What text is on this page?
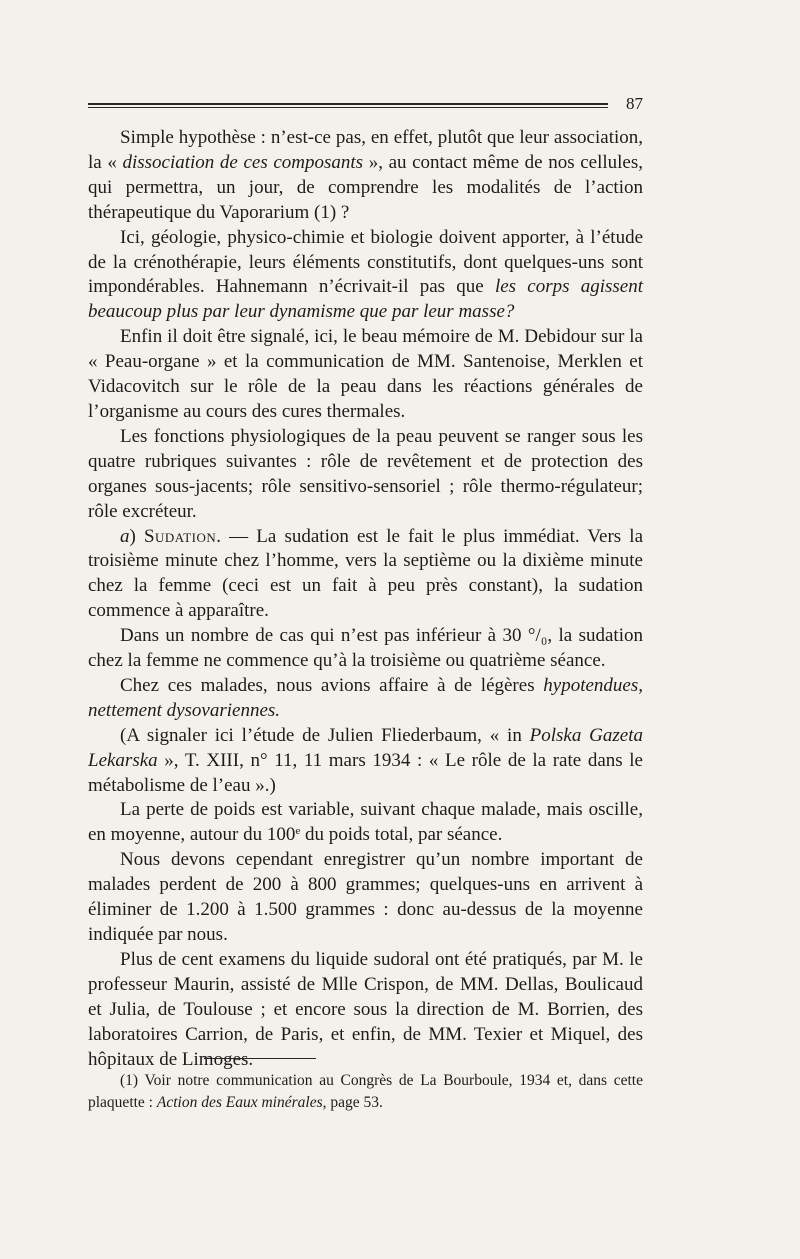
87

Simple hypothèse : n’est-ce pas, en effet, plutôt que leur association, la « dissociation de ces composants », au contact même de nos cellules, qui permettra, un jour, de comprendre les modalités de l’action thérapeutique du Vaporarium (1) ?

Ici, géologie, physico-chimie et biologie doivent apporter, à l’étude de la crénothérapie, leurs éléments constitutifs, dont quelques-uns sont impondérables. Hahnemann n’écrivait-il pas que les corps agissent beaucoup plus par leur dynamisme que par leur masse?

Enfin il doit être signalé, ici, le beau mémoire de M. Debidour sur la « Peau-organe » et la communication de MM. Santenoise, Merklen et Vidacovitch sur le rôle de la peau dans les réactions générales de l’organisme au cours des cures thermales.

Les fonctions physiologiques de la peau peuvent se ranger sous les quatre rubriques suivantes : rôle de revêtement et de protection des organes sous-jacents; rôle sensitivo-sensoriel ; rôle thermo-régulateur; rôle excréteur.

a) Sudation. — La sudation est le fait le plus immédiat. Vers la troisième minute chez l’homme, vers la septième ou la dixième minute chez la femme (ceci est un fait à peu près constant), la sudation commence à apparaître.

Dans un nombre de cas qui n’est pas inférieur à 30 °/₀, la sudation chez la femme ne commence qu’à la troisième ou quatrième séance.

Chez ces malades, nous avions affaire à de légères hypotendues, nettement dysovariennes.

(A signaler ici l’étude de Julien Fliederbaum, « in Polska Gazeta Lekarska », T. XIII, n° 11, 11 mars 1934 : « Le rôle de la rate dans le métabolisme de l’eau ».)

La perte de poids est variable, suivant chaque malade, mais oscille, en moyenne, autour du 100e du poids total, par séance.

Nous devons cependant enregistrer qu’un nombre important de malades perdent de 200 à 800 grammes; quelques-uns en arrivent à éliminer de 1.200 à 1.500 grammes : donc au-dessus de la moyenne indiquée par nous.

Plus de cent examens du liquide sudoral ont été pratiqués, par M. le professeur Maurin, assisté de Mlle Crispon, de MM. Dellas, Boulicaud et Julia, de Toulouse ; et encore sous la direction de M. Borrien, des laboratoires Carrion, de Paris, et enfin, de MM. Texier et Miquel, des hôpitaux de Limoges.

(1) Voir notre communication au Congrès de La Bourboule, 1934 et, dans cette plaquette : Action des Eaux minérales, page 53.
